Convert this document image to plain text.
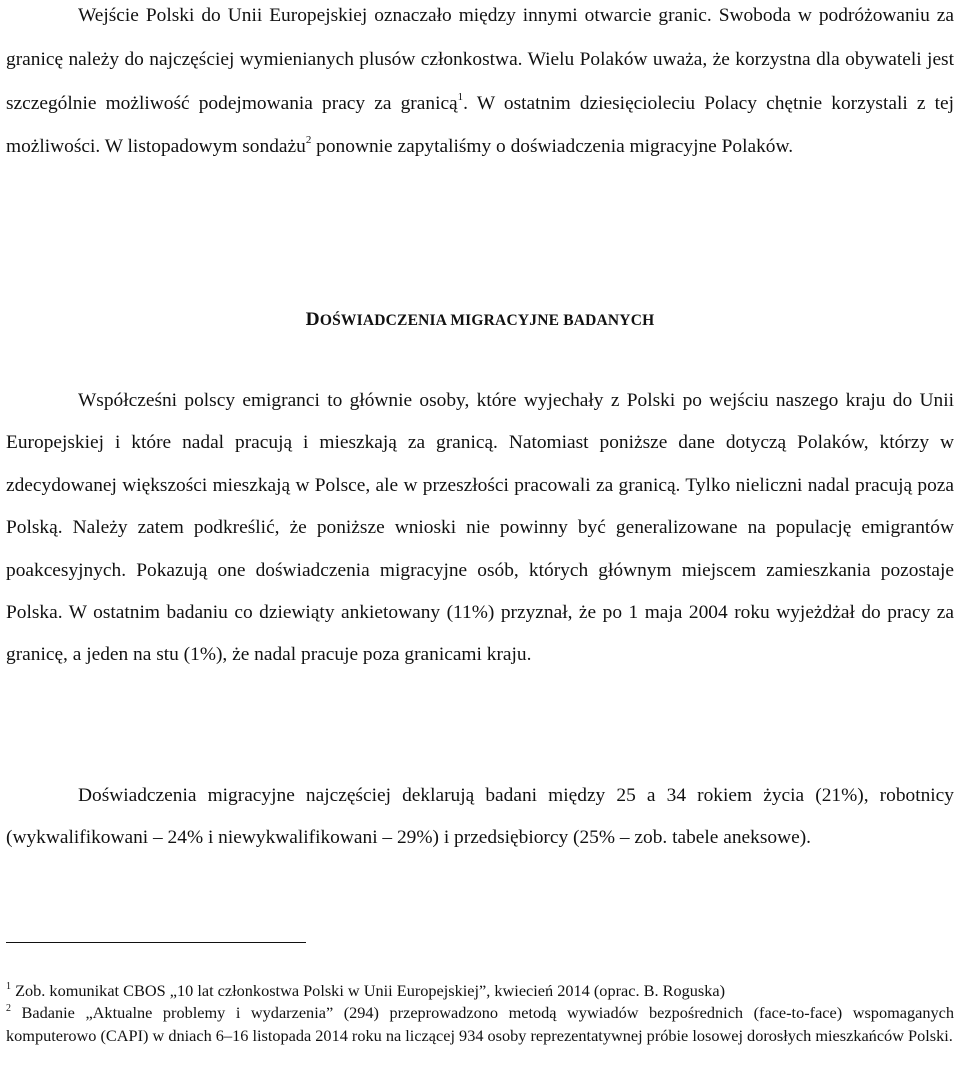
Wejście Polski do Unii Europejskiej oznaczało między innymi otwarcie granic. Swoboda w podróżowaniu za granicę należy do najczęściej wymienianych plusów członkostwa. Wielu Polaków uważa, że korzystna dla obywateli jest szczególnie możliwość podejmowania pracy za granicą$^1$. W ostatnim dziesięcioleciu Polacy chętnie korzystali z tej możliwości. W listopadowym sondażu$^2$ ponownie zapytaliśmy o doświadczenia migracyjne Polaków.

DOŚWIADCZENIA MIGRACYJNE BADANYCH

Współcześni polscy emigranci to głównie osoby, które wyjechały z Polski po wejściu naszego kraju do Unii Europejskiej i które nadal pracują i mieszkają za granicą. Natomiast poniższe dane dotyczą Polaków, którzy w zdecydowanej większości mieszkają w Polsce, ale w przeszłości pracowali za granicą. Tylko nieliczni nadal pracują poza Polską. Należy zatem podkreślić, że poniższe wnioski nie powinny być generalizowane na populację emigrantów poakcesyjnych. Pokazują one doświadczenia migracyjne osób, których głównym miejscem zamieszkania pozostaje Polska. W ostatnim badaniu co dziewiąty ankietowany (11%) przyznał, że po 1 maja 2004 roku wyjeżdżał do pracy za granicę, a jeden na stu (1%), że nadal pracuje poza granicami kraju.

Doświadczenia migracyjne najczęściej deklarują badani między 25 a 34 rokiem życia (21%), robotnicy (wykwalifikowani – 24% i niewykwalifikowani – 29%) i przedsiębiorcy (25% – zob. tabele aneksowe).

$^1$ Zob. komunikat CBOS „10 lat członkostwa Polski w Unii Europejskiej”, kwiecień 2014 (oprac. B. Roguska)

$^2$ Badanie „Aktualne problemy i wydarzenia” (294) przeprowadzono metodą wywiadów bezpośrednich (face-to-face) wspomaganych komputerowo (CAPI) w dniach 6–16 listopada 2014 roku na liczącej 934 osoby reprezentatywnej próbie losowej dorosłych mieszkańców Polski.
